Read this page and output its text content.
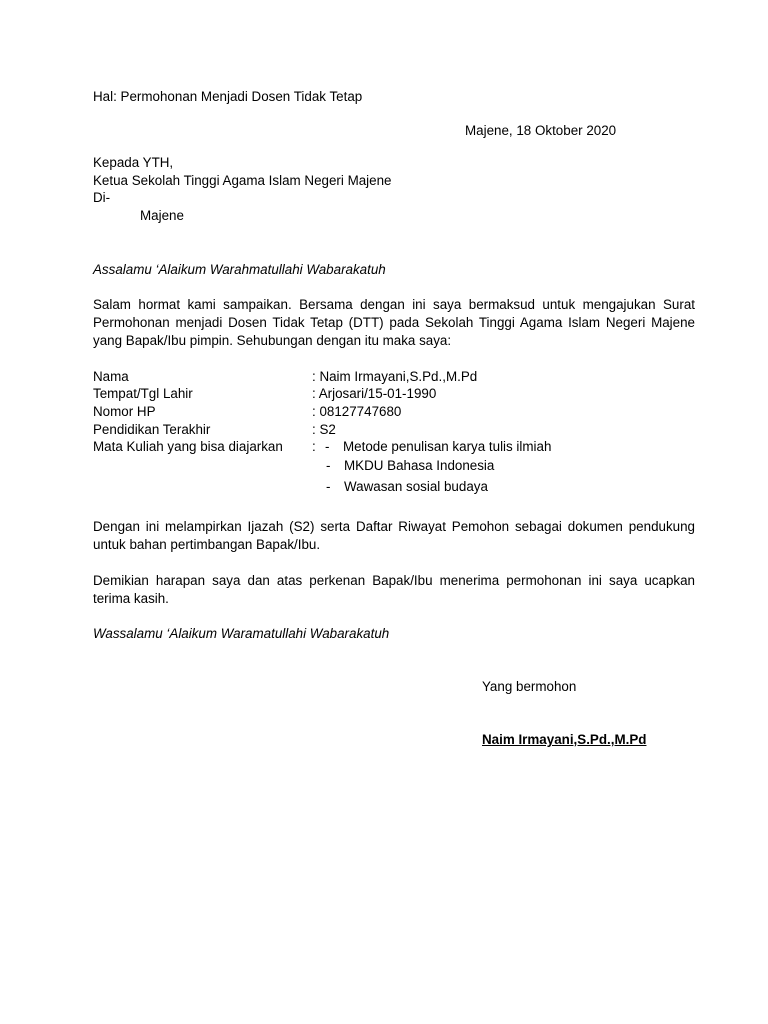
Hal: Permohonan Menjadi Dosen Tidak Tetap
Majene, 18 Oktober 2020
Kepada YTH,
Ketua Sekolah Tinggi Agama Islam Negeri Majene
Di-
Majene
Assalamu ‘Alaikum Warahmatullahi Wabarakatuh
Salam hormat kami sampaikan. Bersama dengan ini saya bermaksud untuk mengajukan Surat Permohonan menjadi Dosen Tidak Tetap (DTT) pada Sekolah Tinggi Agama Islam Negeri Majene yang Bapak/Ibu pimpin. Sehubungan dengan itu maka saya:
Nama	: Naim Irmayani,S.Pd.,M.Pd
Tempat/Tgl Lahir	: Arjosari/15-01-1990
Nomor HP	: 08127747680
Pendidikan Terakhir	: S2
Mata Kuliah yang bisa diajarkan : - Metode penulisan karya tulis ilmiah
- MKDU Bahasa Indonesia
- Wawasan sosial budaya
Dengan ini melampirkan Ijazah (S2) serta Daftar Riwayat Pemohon sebagai dokumen pendukung untuk bahan pertimbangan Bapak/Ibu.
Demikian harapan saya dan atas perkenan Bapak/Ibu menerima permohonan ini saya ucapkan terima kasih.
Wassalamu ‘Alaikum Waramatullahi Wabarakatuh
Yang bermohon
Naim Irmayani,S.Pd.,M.Pd
